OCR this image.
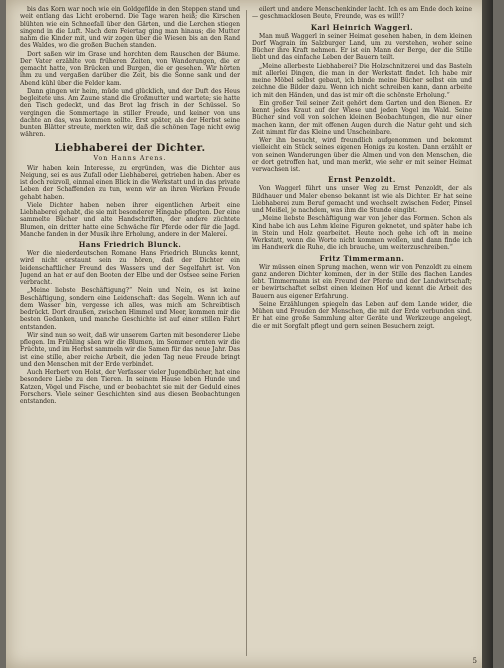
bis das Korn war noch wie ein Goldgefilde in den Steppen stand und weit entlang das Licht erobernd. Die Tage waren heiß; die Kirschen blühten wie ein Schneefall über den Gärten, und die Lerchen stiegen singend in die Luft. Nach dem Feiertag ging man hinaus; die Mutter nahm die Kinder mit, und wir zogen über die Wiesen bis an den Rand des Waldes, wo die großen Buchen standen.

Dort saßen wir im Grase und horchten dem Rauschen der Bäume. Der Vater erzählte von früheren Zeiten, von Wanderungen, die er gemacht hatte, von Brücken und Burgen, die er gesehen. Wir hörten ihm zu und vergaßen darüber die Zeit, bis die Sonne sank und der Abend kühl über die Felder kam.

Dann gingen wir heim, müde und glücklich, und der Duft des Heus begleitete uns. Am Zaune stand die Großmutter und wartete; sie hatte den Tisch gedeckt, und das Brot lag frisch in der Schüssel. So vergingen die Sommertage in stiller Freude, und keiner von uns dachte an das, was kommen sollte. Erst später, als der Herbst seine bunten Blätter streute, merkten wir, daß die schönen Tage nicht ewig währen.

Liebhaberei der Dichter.
Von Hanns Arens.

Wir haben kein Interesse, zu ergründen, was die Dichter aus Neigung, sei es aus Zufall oder Liebhaberei, getrieben haben. Aber es ist doch reizvoll, einmal einen Blick in die Werkstatt und in das private Leben der Schaffenden zu tun, wenn wir an ihren Werken Freude gehabt haben.

Viele Dichter haben neben ihrer eigentlichen Arbeit eine Liebhaberei gehabt, die sie mit besonderer Hingabe pflegten. Der eine sammelte Bücher und alte Handschriften, der andere züchtete Blumen, ein dritter hatte eine Schwäche für Pferde oder für die Jagd. Manche fanden in der Musik ihre Erholung, andere in der Malerei.

Hans Friedrich Blunck.

Wer die niederdeutschen Romane Hans Friedrich Bluncks kennt, wird nicht erstaunt sein zu hören, daß der Dichter ein leidenschaftlicher Freund des Wassers und der Segelfahrt ist. Von Jugend an hat er auf den Booten der Elbe und der Ostsee seine Ferien verbracht.

„Meine liebste Beschäftigung?“ Nein und Nein, es ist keine Beschäftigung, sondern eine Leidenschaft: das Segeln. Wenn ich auf dem Wasser bin, vergesse ich alles, was mich am Schreibtisch bedrückt. Dort draußen, zwischen Himmel und Meer, kommen mir die besten Gedanken, und manche Geschichte ist auf einer stillen Fahrt entstanden.

Wir sind nun so weit, daß wir unserem Garten mit besonderer Liebe pflegen. Im Frühling säen wir die Blumen, im Sommer ernten wir die Früchte, und im Herbst sammeln wir die Samen für das neue Jahr. Das ist eine stille, aber reiche Arbeit, die jeden Tag neue Freude bringt und den Menschen mit der Erde verbindet.

Auch Herbert von Holst, der Verfasser vieler Jugendbücher, hat eine besondere Liebe zu den Tieren. In seinem Hause leben Hunde und Katzen, Vögel und Fische, und er beobachtet sie mit der Geduld eines Forschers. Viele seiner Geschichten sind aus diesen Beobachtungen entstanden.

eilert und andere Menschenkinder lacht. Ich es am Ende doch keine — geschmacklosen Beute, Freunde, was es will!?

Karl Heinrich Waggerl.

Man muß Waggerl in seiner Heimat gesehen haben, in dem kleinen Dorf Wagrain im Salzburger Land, um zu verstehen, woher seine Bücher ihre Kraft nehmen. Er ist ein Mann der Berge, der die Stille liebt und das einfache Leben der Bauern teilt.

„Meine allerbeste Liebhaberei? Die Holzschnitzerei und das Basteln mit allerlei Dingen, die man in der Werkstatt findet. Ich habe mir meine Möbel selbst gebaut, ich binde meine Bücher selbst ein und zeichne die Bilder dazu. Wenn ich nicht schreiben kann, dann arbeite ich mit den Händen, und das ist mir oft die schönste Erholung.“

Ein großer Teil seiner Zeit gehört dem Garten und den Bienen. Er kennt jedes Kraut auf der Wiese und jeden Vogel im Wald. Seine Bücher sind voll von solchen kleinen Beobachtungen, die nur einer machen kann, der mit offenen Augen durch die Natur geht und sich Zeit nimmt für das Kleine und Unscheinbare.

Wer ihn besucht, wird freundlich aufgenommen und bekommt vielleicht ein Stück seines eigenen Honigs zu kosten. Dann erzählt er von seinen Wanderungen über die Almen und von den Menschen, die er dort getroffen hat, und man merkt, wie sehr er mit seiner Heimat verwachsen ist.

Ernst Penzoldt.

Von Waggerl führt uns unser Weg zu Ernst Penzoldt, der als Bildhauer und Maler ebenso bekannt ist wie als Dichter. Er hat seine Liebhaberei zum Beruf gemacht und wechselt zwischen Feder, Pinsel und Meißel, je nachdem, was ihm die Stunde eingibt.

„Meine liebste Beschäftigung war von jeher das Formen. Schon als Kind habe ich aus Lehm kleine Figuren geknetet, und später habe ich in Stein und Holz gearbeitet. Heute noch gehe ich oft in meine Werkstatt, wenn die Worte nicht kommen wollen, und dann finde ich im Handwerk die Ruhe, die ich brauche, um weiterzuschreiben.“

Fritz Timmermann.

Wir müssen einen Sprung machen, wenn wir von Penzoldt zu einem ganz anderen Dichter kommen, der in der Stille des flachen Landes lebt. Timmermann ist ein Freund der Pferde und der Landwirtschaft; er bewirtschaftet selbst einen kleinen Hof und kennt die Arbeit des Bauern aus eigener Erfahrung.

Seine Erzählungen spiegeln das Leben auf dem Lande wider, die Mühen und Freuden der Menschen, die mit der Erde verbunden sind. Er hat eine große Sammlung alter Geräte und Werkzeuge angelegt, die er mit Sorgfalt pflegt und gern seinen Besuchern zeigt.

5
